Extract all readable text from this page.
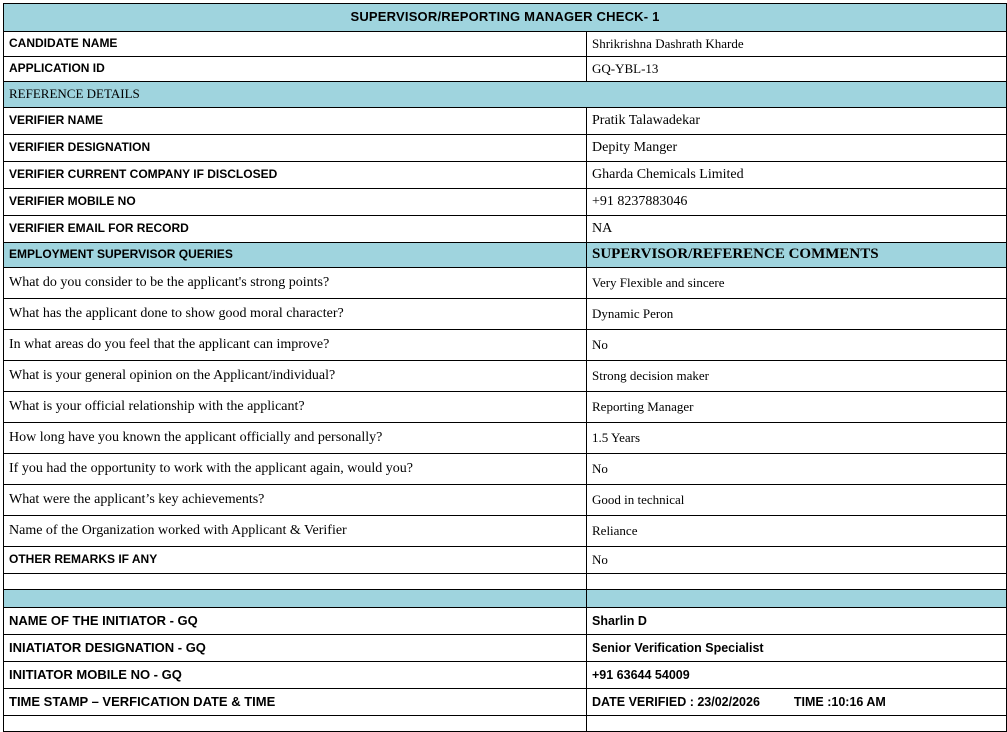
SUPERVISOR/REPORTING MANAGER CHECK- 1	
CANDIDATE NAME	Shrikrishna Dashrath Kharde
APPLICATION ID	GQ-YBL-13
REFERENCE DETAILS	
VERIFIER NAME	Pratik Talawadekar
VERIFIER DESIGNATION	Depity Manger
VERIFIER CURRENT COMPANY IF DISCLOSED	Gharda Chemicals Limited
VERIFIER MOBILE NO	+91 8237883046
VERIFIER EMAIL FOR RECORD	NA
EMPLOYMENT SUPERVISOR QUERIES	SUPERVISOR/REFERENCE COMMENTS
What do you consider to be the applicant's strong points?	Very Flexible and sincere
What has the applicant done to show good moral character?	Dynamic Peron
In what areas do you feel that the applicant can improve?	No
What is your general opinion on the Applicant/individual?	Strong decision maker
What is your official relationship with the applicant?	Reporting Manager
How long have you known the applicant officially and personally?	1.5 Years
If you had the opportunity to work with the applicant again, would you?	No
What were the applicant’s key achievements?	Good in technical
Name of the Organization worked with Applicant & Verifier	Reliance
OTHER REMARKS IF ANY	No

NAME OF THE INITIATOR - GQ	Sharlin D
INIATIATOR DESIGNATION - GQ	Senior Verification Specialist
INITIATOR MOBILE NO - GQ	+91 63644 54009
TIME STAMP – VERFICATION DATE & TIME	DATE VERIFIED : 23/02/2026 TIME :10:16 AM
